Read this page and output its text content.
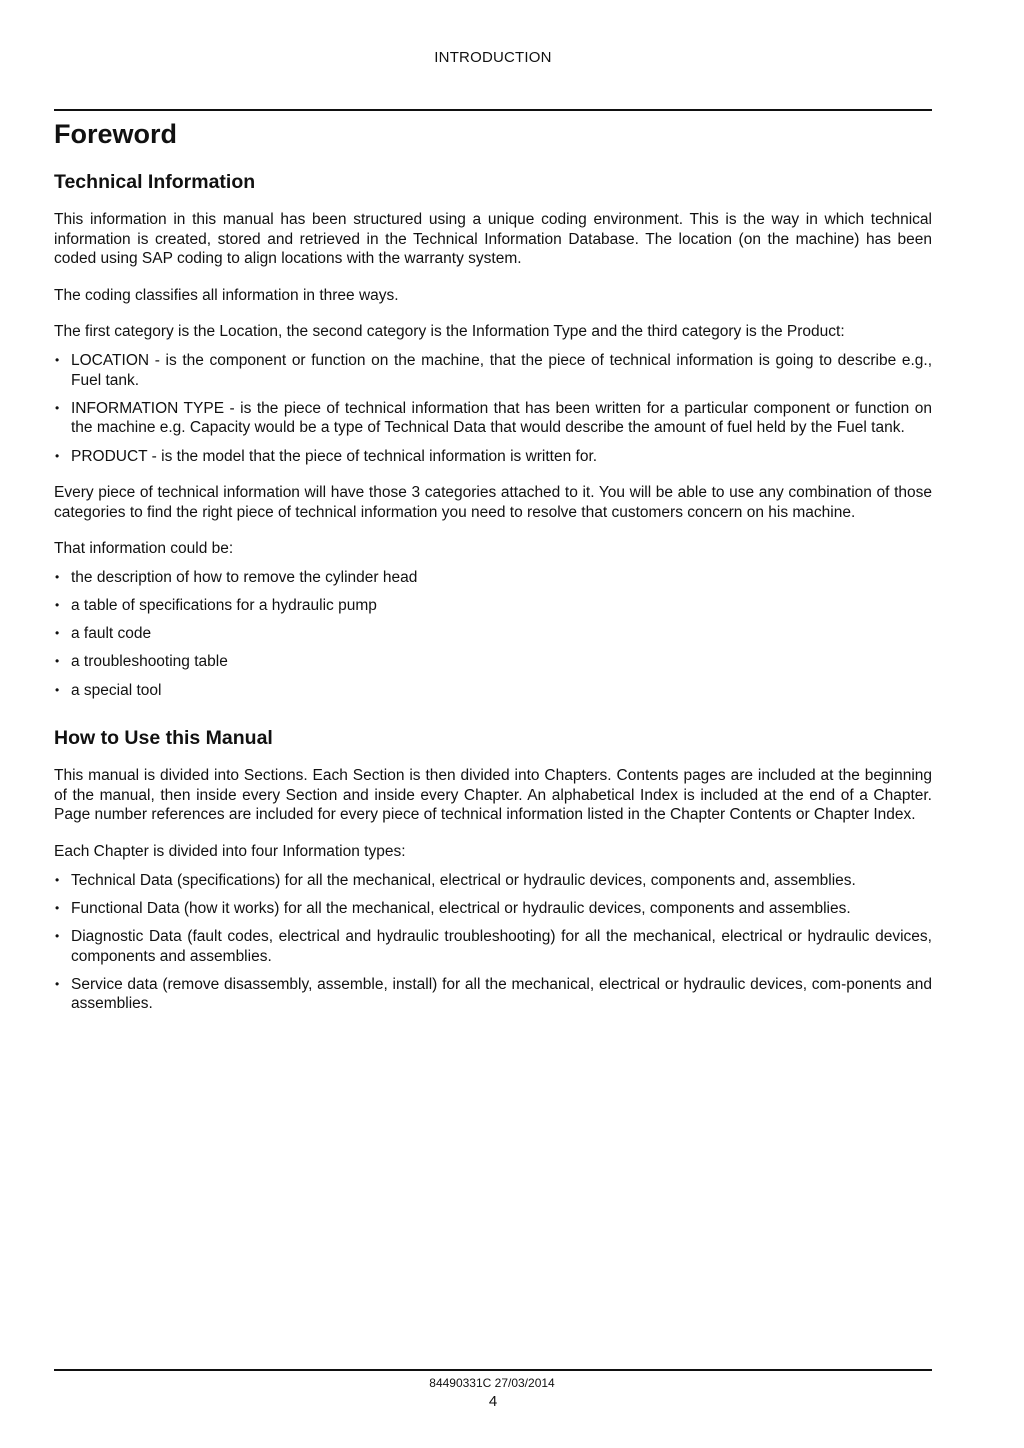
INTRODUCTION
Foreword
Technical Information

This information in this manual has been structured using a unique coding environment. This is the way in which technical information is created, stored and retrieved in the Technical Information Database. The location (on the machine) has been coded using SAP coding to align locations with the warranty system.

The coding classifies all information in three ways.

The first category is the Location, the second category is the Information Type and the third category is the Product:

• LOCATION - is the component or function on the machine, that the piece of technical information is going to describe e.g., Fuel tank.
• INFORMATION TYPE - is the piece of technical information that has been written for a particular component or function on the machine e.g. Capacity would be a type of Technical Data that would describe the amount of fuel held by the Fuel tank.
• PRODUCT - is the model that the piece of technical information is written for.

Every piece of technical information will have those 3 categories attached to it. You will be able to use any combination of those categories to find the right piece of technical information you need to resolve that customers concern on his machine.

That information could be:

• the description of how to remove the cylinder head
• a table of specifications for a hydraulic pump
• a fault code
• a troubleshooting table
• a special tool
How to Use this Manual

This manual is divided into Sections. Each Section is then divided into Chapters. Contents pages are included at the beginning of the manual, then inside every Section and inside every Chapter. An alphabetical Index is included at the end of a Chapter. Page number references are included for every piece of technical information listed in the Chapter Contents or Chapter Index.

Each Chapter is divided into four Information types:

• Technical Data (specifications) for all the mechanical, electrical or hydraulic devices, components and, assemblies.
• Functional Data (how it works) for all the mechanical, electrical or hydraulic devices, components and assemblies.
• Diagnostic Data (fault codes, electrical and hydraulic troubleshooting) for all the mechanical, electrical or hydraulic devices, components and assemblies.
• Service data (remove disassembly, assemble, install) for all the mechanical, electrical or hydraulic devices, com-ponents and assemblies.
84490331C 27/03/2014
4
